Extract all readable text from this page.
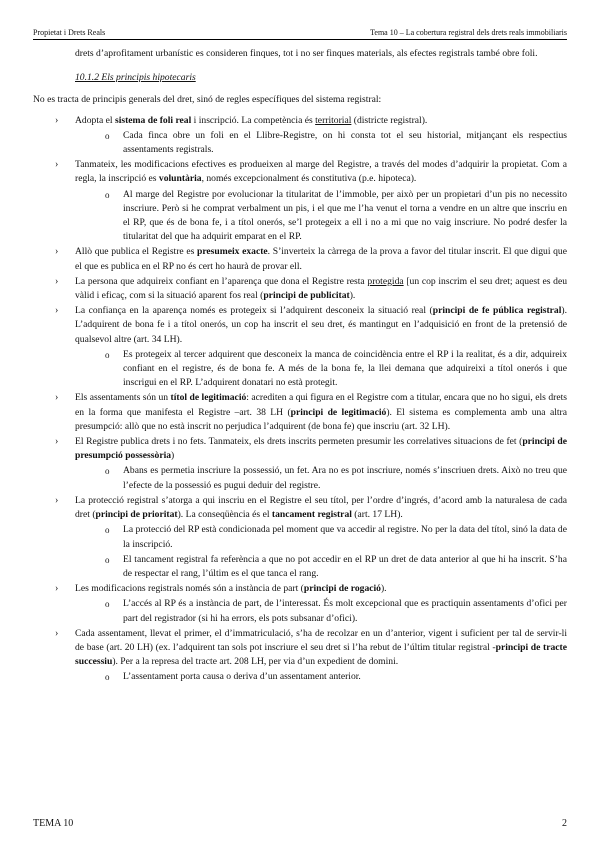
Propietat i Drets Reals	Tema 10 – La cobertura registral dels drets reals immobiliaris

drets d’aprofitament urbanístic es consideren finques, tot i no ser finques materials, als efectes registrals també obre foli.

10.1.2 Els principis hipotecaris

No es tracta de principis generals del dret, sinó de regles específiques del sistema registral:

› Adopta el sistema de foli real i inscripció. La competència és territorial (districte registral).
o Cada finca obre un foli en el Llibre-Registre, on hi consta tot el seu historial, mitjançant els respectius assentaments registrals.
› Tanmateix, les modificacions efectives es produeixen al marge del Registre, a través del modes d’adquirir la propietat. Com a regla, la inscripció es voluntària, només excepcionalment és constitutiva (p.e. hipoteca).
o Al marge del Registre por evolucionar la titularitat de l’immoble, per això per un propietari d’un pis no necessito inscriure. Però si he comprat verbalment un pis, i el que me l’ha venut el torna a vendre en un altre que inscriu en el RP, que és de bona fe, i a títol onerós, se’l protegeix a ell i no a mi que no vaig inscriure. No podré desfer la titularitat del que ha adquirit emparat en el RP.
› Allò que publica el Registre es presumeix exacte. S’inverteix la càrrega de la prova a favor del titular inscrit. El que digui que el que es publica en el RP no és cert ho haurà de provar ell.
› La persona que adquireix confiant en l’aparença que dona el Registre resta protegida [un cop inscrim el seu dret; aquest es deu vàlid i eficaç, com si la situació aparent fos real (principi de publicitat).
› La confiança en la aparença només es protegeix si l’adquirent desconeix la situació real (principi de fe pública registral). L’adquirent de bona fe i a títol onerós, un cop ha inscrit el seu dret, és mantingut en l’adquisició en front de la pretensió de qualsevol altre (art. 34 LH).
o Es protegeix al tercer adquirent que desconeix la manca de coincidència entre el RP i la realitat, és a dir, adquireix confiant en el registre, és de bona fe. A més de la bona fe, la llei demana que adquireixi a títol onerós i que inscrigui en el RP. L’adquirent donatari no està protegit.
› Els assentaments són un títol de legitimació: acrediten a qui figura en el Registre com a titular, encara que no ho sigui, els drets en la forma que manifesta el Registre –art. 38 LH (principi de legitimació). El sistema es complementa amb una altra presumpció: allò que no està inscrit no perjudica l’adquirent (de bona fe) que inscriu (art. 32 LH).
› El Registre publica drets i no fets. Tanmateix, els drets inscrits permeten presumir les correlatives situacions de fet (principi de presumpció possessòria)
o Abans es permetia inscriure la possessió, un fet. Ara no es pot inscriure, només s’inscriuen drets. Això no treu que l’efecte de la possessió es pugui deduir del registre.
› La protecció registral s’atorga a qui inscriu en el Registre el seu títol, per l’ordre d’ingrés, d’acord amb la naturalesa de cada dret (principi de prioritat). La conseqüència és el tancament registral (art. 17 LH).
o La protecció del RP està condicionada pel moment que va accedir al registre. No per la data del títol, sinó la data de la inscripció.
o El tancament registral fa referència a que no pot accedir en el RP un dret de data anterior al que hi ha inscrit. S’ha de respectar el rang, l’últim es el que tanca el rang.
› Les modificacions registrals només són a instància de part (principi de rogació).
o L’accés al RP és a instància de part, de l’interessat. És molt excepcional que es practiquin assentaments d’ofici per part del registrador (si hi ha errors, els pots subsanar d’ofici).
› Cada assentament, llevat el primer, el d’immatriculació, s’ha de recolzar en un d’anterior, vigent i suficient per tal de servir-li de base (art. 20 LH) (ex. l’adquirent tan sols pot inscriure el seu dret si l’ha rebut de l’últim titular registral -principi de tracte successiu). Per a la represa del tracte art. 208 LH, per via d’un expedient de domini.
o L’assentament porta causa o deriva d’un assentament anterior.
TEMA 10	2
